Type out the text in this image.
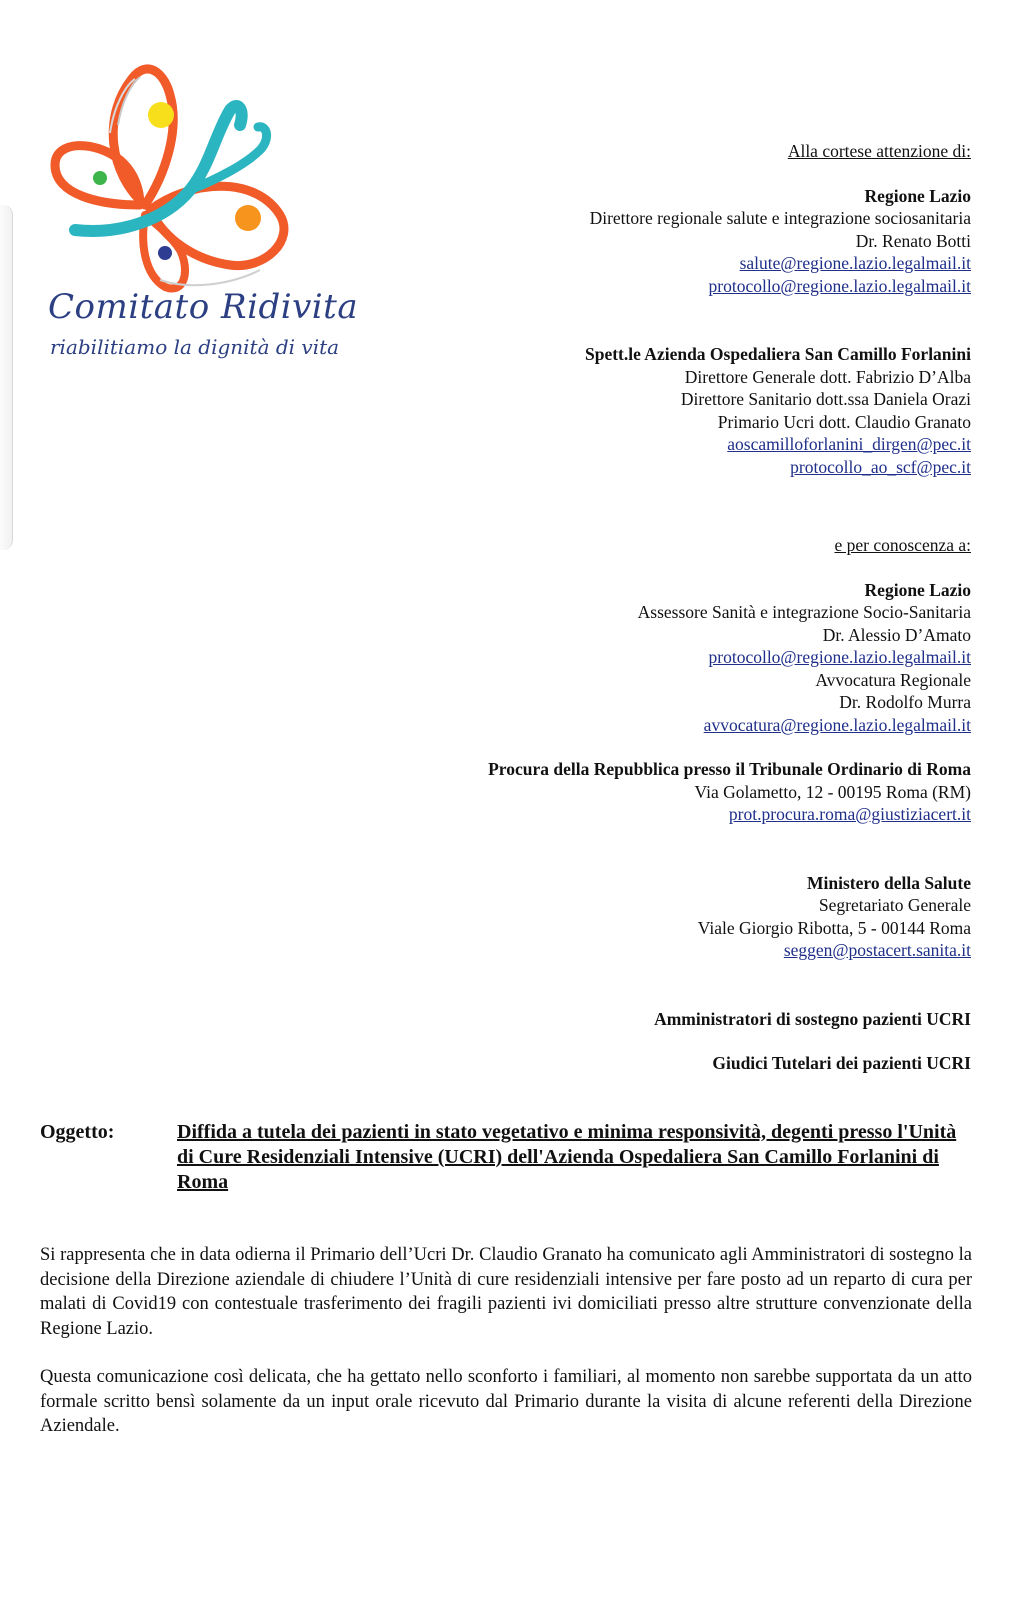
Comitato Ridivita
riabilitiamo la dignità di vita
Alla cortese attenzione di:
Regione Lazio
Direttore regionale salute e integrazione sociosanitaria
Dr. Renato Botti
salute@regione.lazio.legalmail.it
protocollo@regione.lazio.legalmail.it
Spett.le Azienda Ospedaliera San Camillo Forlanini
Direttore Generale dott. Fabrizio D’Alba
Direttore Sanitario dott.ssa Daniela Orazi
Primario Ucri dott. Claudio Granato
aoscamilloforlanini_dirgen@pec.it
protocollo_ao_scf@pec.it
e per conoscenza a:
Regione Lazio
Assessore Sanità e integrazione Socio-Sanitaria
Dr. Alessio D’Amato
protocollo@regione.lazio.legalmail.it
Avvocatura Regionale
Dr. Rodolfo Murra
avvocatura@regione.lazio.legalmail.it
Procura della Repubblica presso il Tribunale Ordinario di Roma
Via Golametto, 12 - 00195 Roma (RM)
prot.procura.roma@giustiziacert.it
Ministero della Salute
Segretariato Generale
Viale Giorgio Ribotta, 5 - 00144 Roma
seggen@postacert.sanita.it
Amministratori di sostegno pazienti UCRI
Giudici Tutelari dei pazienti UCRI
Oggetto:	Diffida a tutela dei pazienti in stato vegetativo e minima responsività, degenti presso l'Unità di Cure Residenziali Intensive (UCRI) dell'Azienda Ospedaliera San Camillo Forlanini di Roma

Si rappresenta che in data odierna il Primario dell’Ucri Dr. Claudio Granato ha comunicato agli Amministratori di sostegno la decisione della Direzione aziendale di chiudere l’Unità di cure residenziali intensive per fare posto ad un reparto di cura per malati di Covid19 con contestuale trasferimento dei fragili pazienti ivi domiciliati presso altre strutture convenzionate della Regione Lazio.

Questa comunicazione così delicata, che ha gettato nello sconforto i familiari, al momento non sarebbe supportata da un atto formale scritto bensì solamente da un input orale ricevuto dal Primario durante la visita di alcune referenti della Direzione Aziendale.
